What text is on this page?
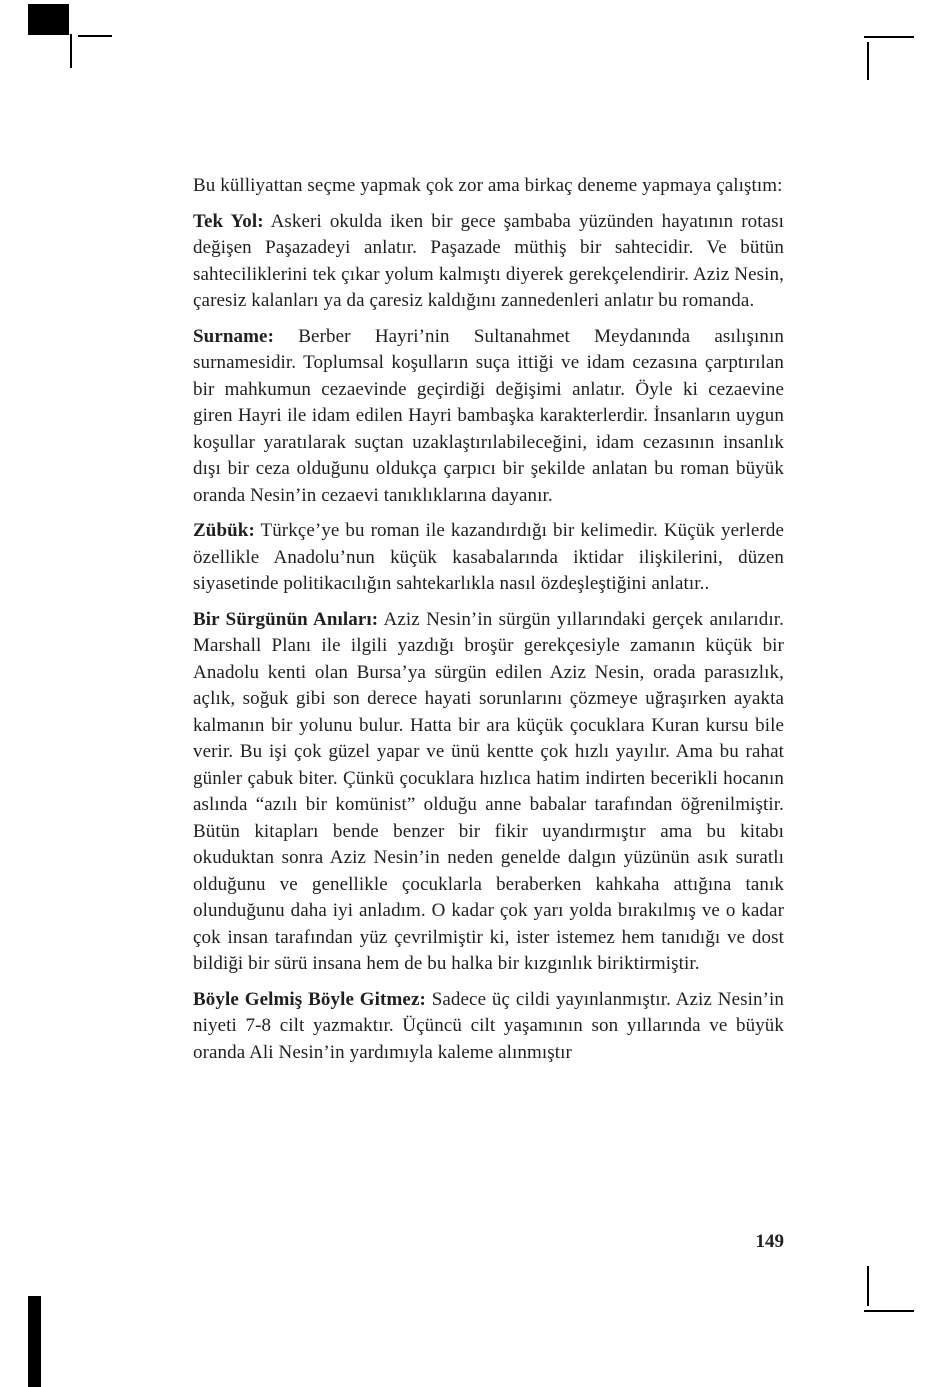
Bu külliyattan seçme yapmak çok zor ama birkaç deneme yapmaya çalıştım:

Tek Yol: Askeri okulda iken bir gece şambaba yüzünden hayatının rotası değişen Paşazadeyi anlatır. Paşazade müthiş bir sahtecidir. Ve bütün sahteciliklerini tek çıkar yolum kalmıştı diyerek gerekçelendirir. Aziz Nesin, çaresiz kalanları ya da çaresiz kaldığını zannedenleri anlatır bu romanda.

Surname: Berber Hayri’nin Sultanahmet Meydanında asılışının surnamesidir. Toplumsal koşulların suça ittiği ve idam cezasına çarptırılan bir mahkumun cezaevinde geçirdiği değişimi anlatır. Öyle ki cezaevine giren Hayri ile idam edilen Hayri bambaşka karakterlerdir. İnsanların uygun koşullar yaratılarak suçtan uzaklaştırılabileceğini, idam cezasının insanlık dışı bir ceza olduğunu oldukça çarpıcı bir şekilde anlatan bu roman büyük oranda Nesin’in cezaevi tanıklıklarına dayanır.

Zübük: Türkçe’ye bu roman ile kazandırdığı bir kelimedir. Küçük yerlerde özellikle Anadolu’nun küçük kasabalarında iktidar ilişkilerini, düzen siyasetinde politikacılığın sahtekarlıkla nasıl özdeşleştiğini anlatır..

Bir Sürgünün Anıları: Aziz Nesin’in sürgün yıllarındaki gerçek anılarıdır. Marshall Planı ile ilgili yazdığı broşür gerekçesiyle zamanın küçük bir Anadolu kenti olan Bursa’ya sürgün edilen Aziz Nesin, orada parasızlık, açlık, soğuk gibi son derece hayati sorunlarını çözmeye uğraşırken ayakta kalmanın bir yolunu bulur. Hatta bir ara küçük çocuklara Kuran kursu bile verir. Bu işi çok güzel yapar ve ünü kentte çok hızlı yayılır. Ama bu rahat günler çabuk biter. Çünkü çocuklara hızlıca hatim indirten becerikli hocanın aslında “azılı bir komünist” olduğu anne babalar tarafından öğrenilmiştir. Bütün kitapları bende benzer bir fikir uyandırmıştır ama bu kitabı okuduktan sonra Aziz Nesin’in neden genelde dalgın yüzünün asık suratlı olduğunu ve genellikle çocuklarla beraberken kahkaha attığına tanık olunduğunu daha iyi anladım. O kadar çok yarı yolda bırakılmış ve o kadar çok insan tarafından yüz çevrilmiştir ki, ister istemez hem tanıdığı ve dost bildiği bir sürü insana hem de bu halka bir kızgınlık biriktirmiştir.

Böyle Gelmiş Böyle Gitmez: Sadece üç cildi yayınlanmıştır. Aziz Nesin’in niyeti 7-8 cilt yazmaktır. Üçüncü cilt yaşamının son yıllarında ve büyük oranda Ali Nesin’in yardımıyla kaleme alınmıştır

149
